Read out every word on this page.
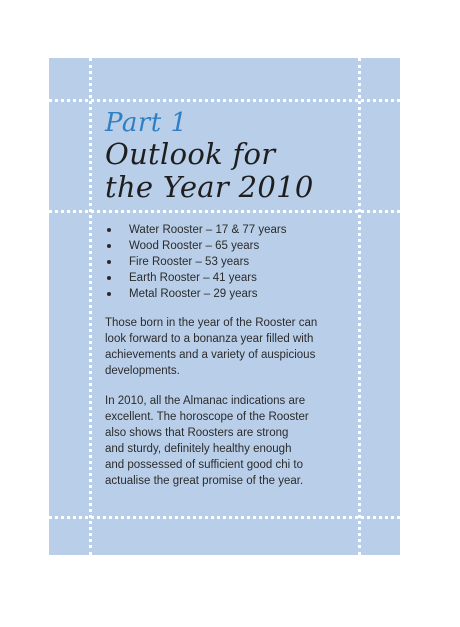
Part 1
Outlook for
the Year 2010
Water Rooster – 17 & 77 years
Wood Rooster – 65 years
Fire Rooster – 53 years
Earth Rooster – 41 years
Metal Rooster – 29 years

Those born in the year of the Rooster can
look forward to a bonanza year filled with
achievements and a variety of auspicious
developments.

In 2010, all the Almanac indications are
excellent. The horoscope of the Rooster
also shows that Roosters are strong
and sturdy, definitely healthy enough
and possessed of sufficient good chi to
actualise the great promise of the year.
